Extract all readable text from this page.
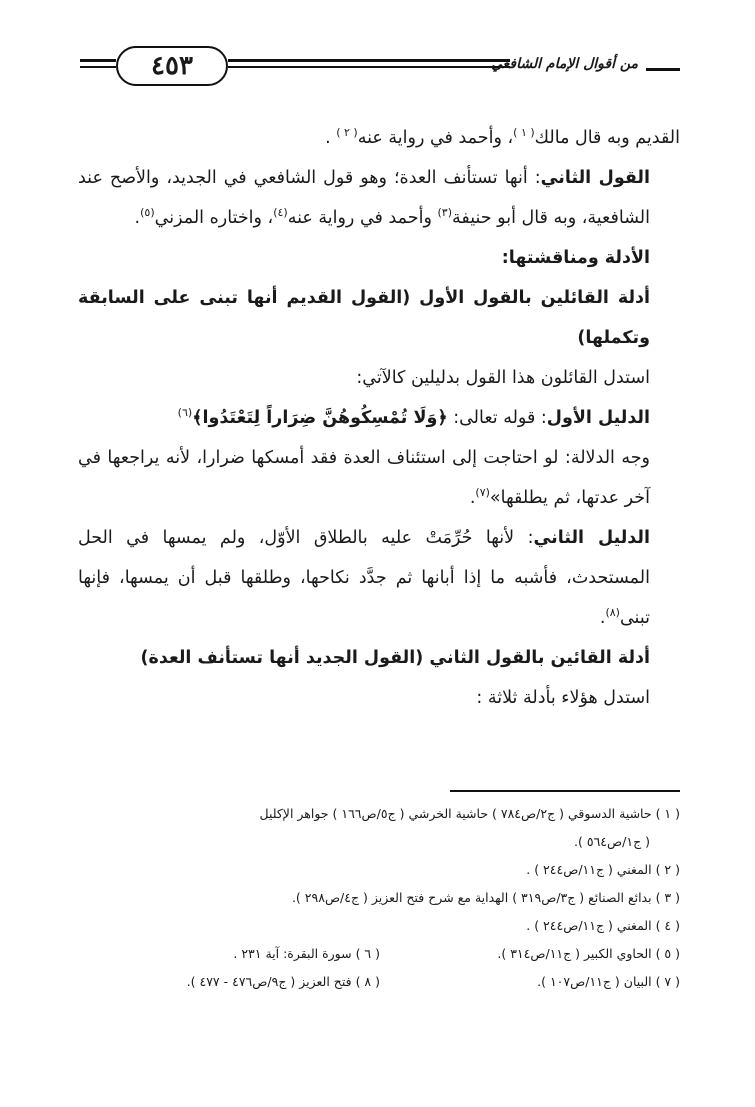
٤٥٣	من أقوال الإمام الشافعي

القديم وبه قال مالك$^{( ١ )}$، وأحمد في رواية عنه$^{( ٢ )}$ .

القول الثاني: أنها تستأنف العدة؛ وهو قول الشافعي في الجديد، والأصح عند الشافعية، وبه قال أبو حنيفة$^{(٣)}$ وأحمد في رواية عنه$^{(٤)}$، واختاره المزني$^{(٥)}$.

الأدلة ومناقشتها:

أدلة القائلين بالقول الأول (القول القديم أنها تبنى على السابقة وتكملها)

استدل القائلون هذا القول بدليلين كالآتي:

الدليل الأول: قوله تعالى: ﴿وَلَا تُمْسِكُوهُنَّ ضِرَاراً لِتَعْتَدُوا﴾$^{(٦)}$

وجه الدلالة: لو احتاجت إلى استئناف العدة فقد أمسكها ضرارا، لأنه يراجعها في آخر عدتها، ثم يطلقها»$^{(٧)}$.

الدليل الثاني: لأنها حُرِّمَتْ عليه بالطلاق الأوّل، ولم يمسها في الحل المستحدث، فأشبه ما إذا أبانها ثم جدَّد نكاحها، وطلقها قبل أن يمسها، فإنها تبنى$^{(٨)}$.

أدلة القائين بالقول الثاني (القول الجديد أنها تستأنف العدة)

استدل هؤلاء بأدلة ثلاثة :

( ١ ) حاشية الدسوقي ( ج٢/ص٧٨٤ ) حاشية الخرشي ( ج٥/ص١٦٦ ) جواهر الإكليل

( ج١/ص٥٦٤ ).

( ٢ ) المغني ( ج١١/ص٢٤٤ ) .

( ٣ ) بدائع الصنائع ( ج٣/ص٣١٩ ) الهداية مع شرح فتح العزيز ( ج٤/ص٢٩٨ ).

( ٤ ) المغني ( ج١١/ص٢٤٤ ) .

( ٥ ) الحاوي الكبير ( ج١١/ص٣١٤ ).
( ٦ ) سورة البقرة: آية ٢٣١ .
( ٧ ) البيان ( ج١١/ص١٠٧ ).
( ٨ ) فتح العزيز ( ج٩/ص٤٧٦ - ٤٧٧ ).
